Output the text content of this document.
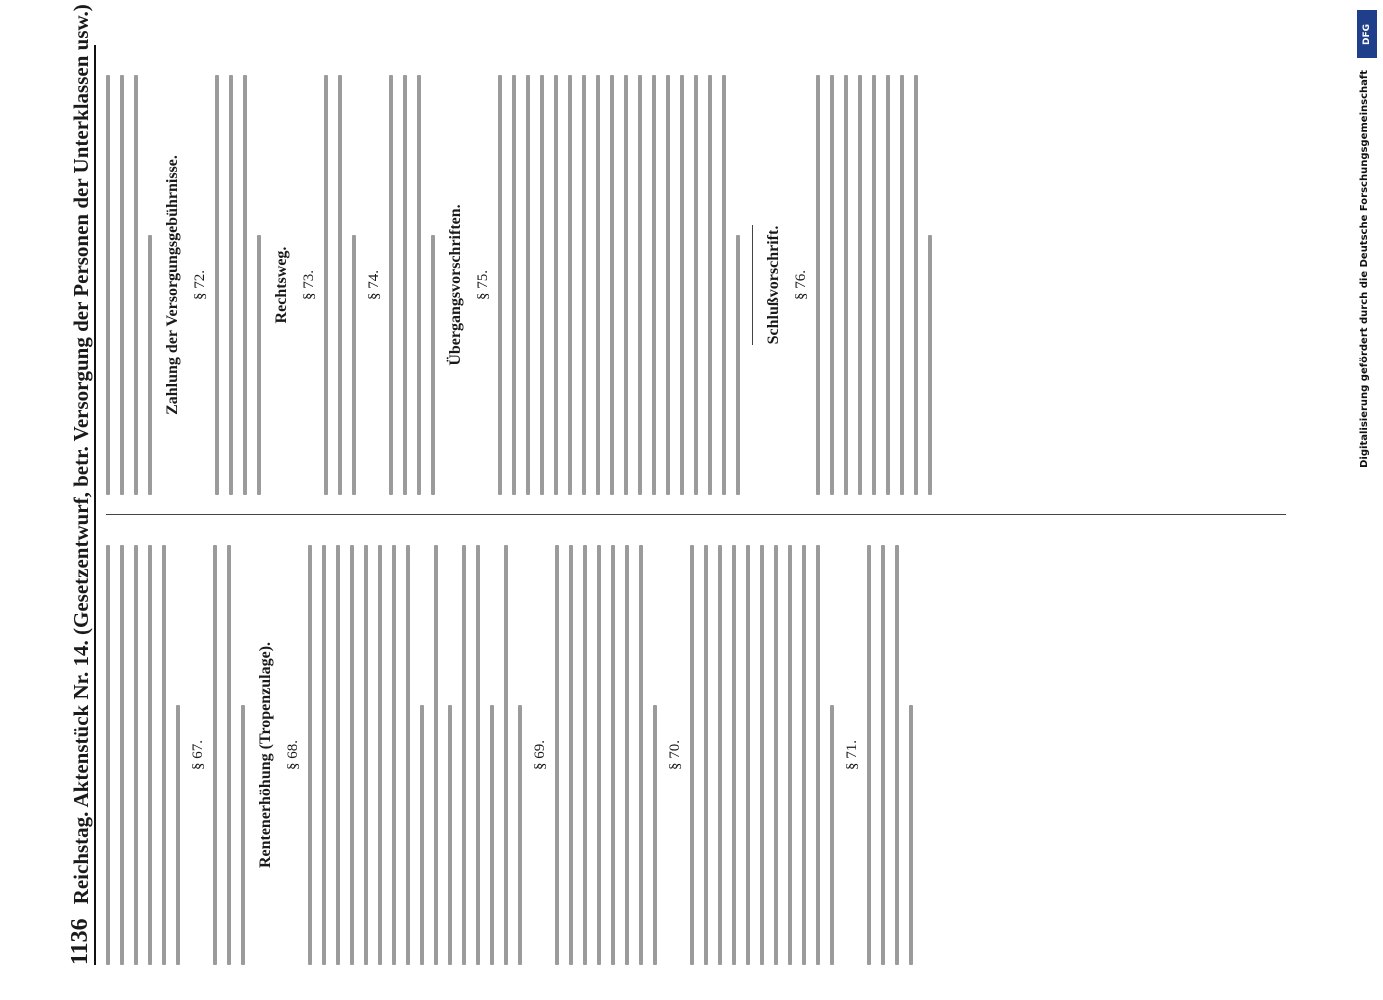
1136
Reichstag. Aktenstück Nr. 14. (Gesetzentwurf, betr. Versorgung der Personen der Unterklassen usw.)	§ 67.	Rentenerhöhung (Tropenzulage). § 68.	§ 69.	§ 70.	§ 71.
Zahlung der Versorgungsgebührnisse. § 72.	Rechtsweg. § 73.	§ 74.	Übergangsvorschriften. § 75.	Schlußvorschrift. § 76.
DFG
Digitalisierung gefördert durch die Deutsche Forschungsgemeinschaft
